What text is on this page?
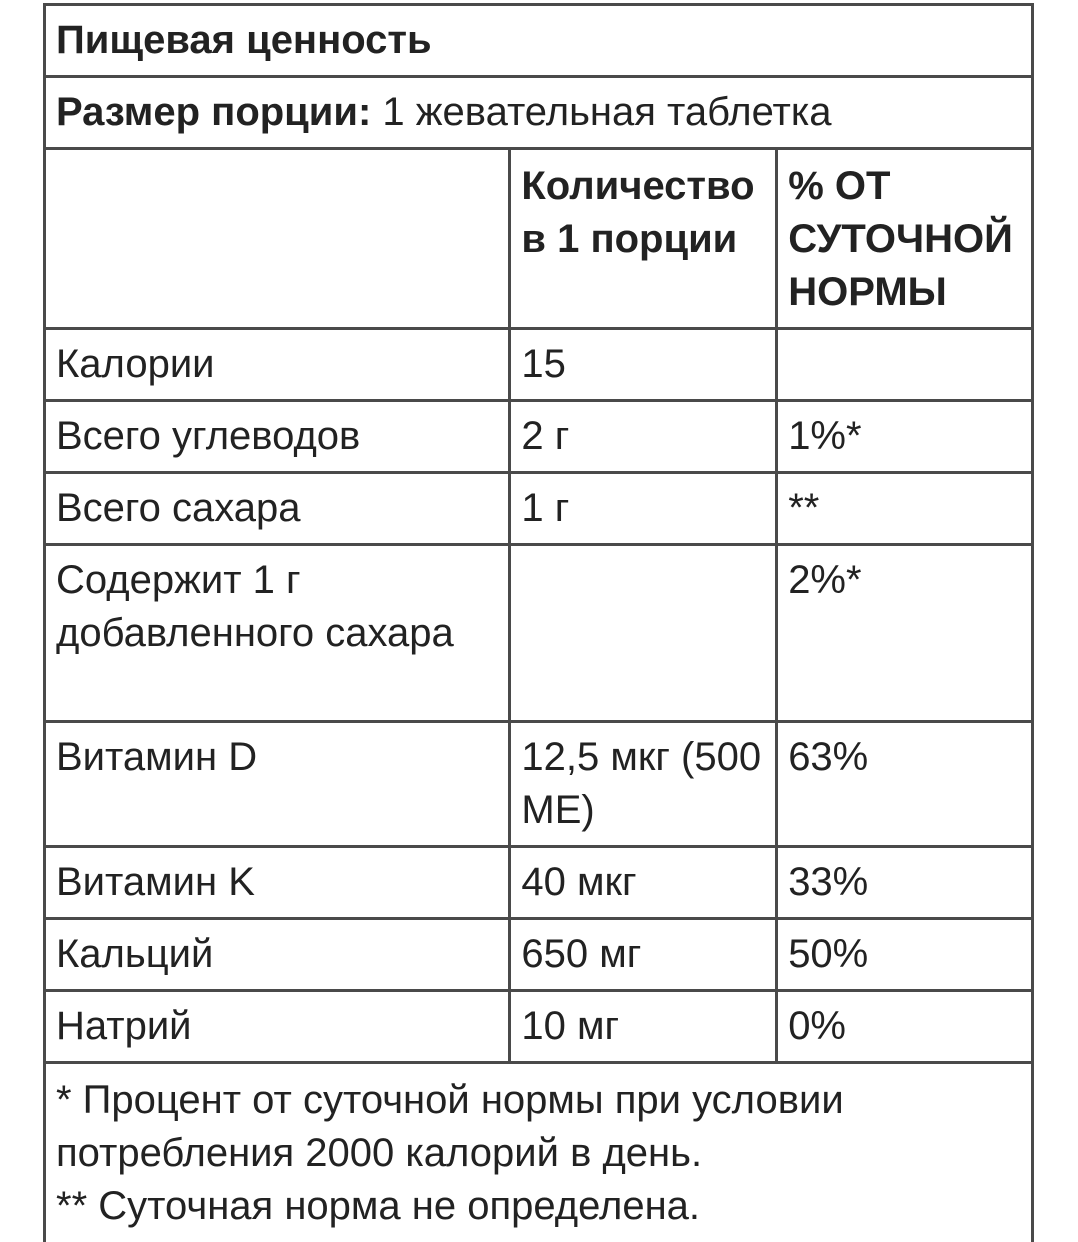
Пищевая ценность		
Размер порции: 1 жевательная таблетка		
	Количество в 1 порции	% ОТ СУТОЧНОЙ НОРМЫ
Калории	15	
Всего углеводов	2 г	1%*
Всего сахара	1 г	**
Содержит 1 г добавленного сахара		2%*
Витамин D	12,5 мкг (500 МЕ)	63%
Витамин K	40 мкг	33%
Кальций	650 мг	50%
Натрий	10 мг	0%

* Процент от суточной нормы при условии потребления 2000 калорий в день.
** Суточная норма не определена.		
